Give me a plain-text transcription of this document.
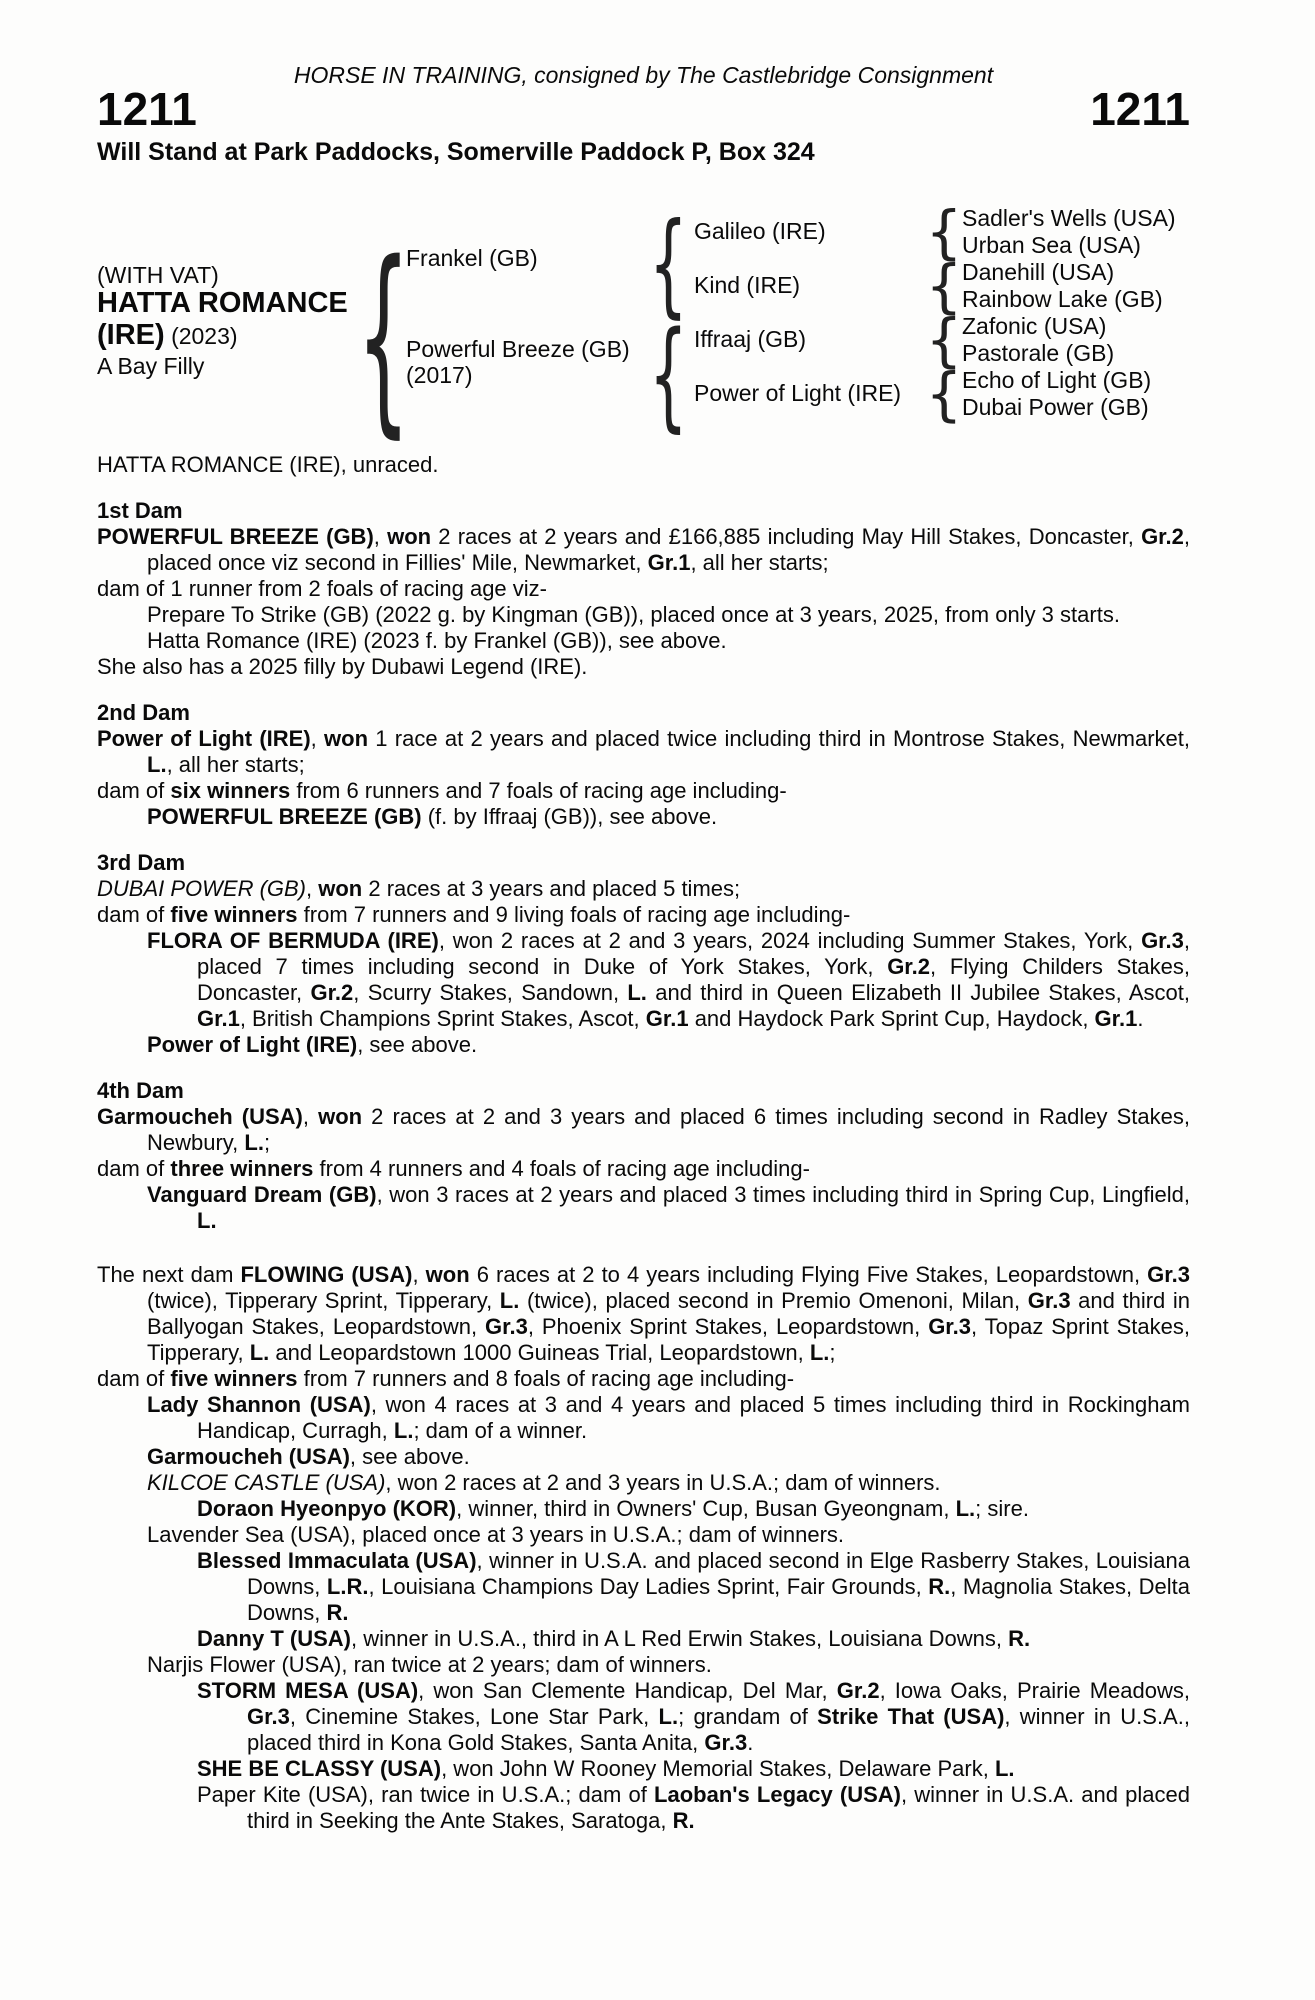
HORSE IN TRAINING, consigned by The Castlebridge Consignment
1211	1211
Will Stand at Park Paddocks, Somerville Paddock P, Box 324
(WITH VAT)
HATTA ROMANCE
(IRE) (2023)
A Bay Filly {
Frankel (GB)
Powerful Breeze (GB)
(2017)
{
{
Galileo (IRE)
Kind (IRE)
Iffraaj (GB)
Power of Light (IRE)
{
{
{
{
Sadler's Wells (USA)
Urban Sea (USA)
Danehill (USA)
Rainbow Lake (GB)
Zafonic (USA)
Pastorale (GB)
Echo of Light (GB)
Dubai Power (GB)
HATTA ROMANCE (IRE), unraced.
1st Dam
POWERFUL BREEZE (GB), won 2 races at 2 years and £166,885 including May Hill Stakes, Doncaster, Gr.2, placed once viz second in Fillies' Mile, Newmarket, Gr.1, all her starts;
dam of 1 runner from 2 foals of racing age viz-
Prepare To Strike (GB) (2022 g. by Kingman (GB)), placed once at 3 years, 2025, from only 3 starts.
Hatta Romance (IRE) (2023 f. by Frankel (GB)), see above.
She also has a 2025 filly by Dubawi Legend (IRE).
2nd Dam
Power of Light (IRE), won 1 race at 2 years and placed twice including third in Montrose Stakes, Newmarket, L., all her starts;
dam of six winners from 6 runners and 7 foals of racing age including-
POWERFUL BREEZE (GB) (f. by Iffraaj (GB)), see above.
3rd Dam
DUBAI POWER (GB), won 2 races at 3 years and placed 5 times;
dam of five winners from 7 runners and 9 living foals of racing age including-
FLORA OF BERMUDA (IRE), won 2 races at 2 and 3 years, 2024 including Summer Stakes, York, Gr.3, placed 7 times including second in Duke of York Stakes, York, Gr.2, Flying Childers Stakes, Doncaster, Gr.2, Scurry Stakes, Sandown, L. and third in Queen Elizabeth II Jubilee Stakes, Ascot, Gr.1, British Champions Sprint Stakes, Ascot, Gr.1 and Haydock Park Sprint Cup, Haydock, Gr.1.
Power of Light (IRE), see above.
4th Dam
Garmoucheh (USA), won 2 races at 2 and 3 years and placed 6 times including second in Radley Stakes, Newbury, L.;
dam of three winners from 4 runners and 4 foals of racing age including-
Vanguard Dream (GB), won 3 races at 2 years and placed 3 times including third in Spring Cup, Lingfield, L.
The next dam FLOWING (USA), won 6 races at 2 to 4 years including Flying Five Stakes, Leopardstown, Gr.3 (twice), Tipperary Sprint, Tipperary, L. (twice), placed second in Premio Omenoni, Milan, Gr.3 and third in Ballyogan Stakes, Leopardstown, Gr.3, Phoenix Sprint Stakes, Leopardstown, Gr.3, Topaz Sprint Stakes, Tipperary, L. and Leopardstown 1000 Guineas Trial, Leopardstown, L.;
dam of five winners from 7 runners and 8 foals of racing age including-
Lady Shannon (USA), won 4 races at 3 and 4 years and placed 5 times including third in Rockingham Handicap, Curragh, L.; dam of a winner.
Garmoucheh (USA), see above.
KILCOE CASTLE (USA), won 2 races at 2 and 3 years in U.S.A.; dam of winners.
Doraon Hyeonpyo (KOR), winner, third in Owners' Cup, Busan Gyeongnam, L.; sire.
Lavender Sea (USA), placed once at 3 years in U.S.A.; dam of winners.
Blessed Immaculata (USA), winner in U.S.A. and placed second in Elge Rasberry Stakes, Louisiana Downs, L.R., Louisiana Champions Day Ladies Sprint, Fair Grounds, R., Magnolia Stakes, Delta Downs, R.
Danny T (USA), winner in U.S.A., third in A L Red Erwin Stakes, Louisiana Downs, R.
Narjis Flower (USA), ran twice at 2 years; dam of winners.
STORM MESA (USA), won San Clemente Handicap, Del Mar, Gr.2, Iowa Oaks, Prairie Meadows, Gr.3, Cinemine Stakes, Lone Star Park, L.; grandam of Strike That (USA), winner in U.S.A., placed third in Kona Gold Stakes, Santa Anita, Gr.3.
SHE BE CLASSY (USA), won John W Rooney Memorial Stakes, Delaware Park, L.
Paper Kite (USA), ran twice in U.S.A.; dam of Laoban's Legacy (USA), winner in U.S.A. and placed third in Seeking the Ante Stakes, Saratoga, R.
